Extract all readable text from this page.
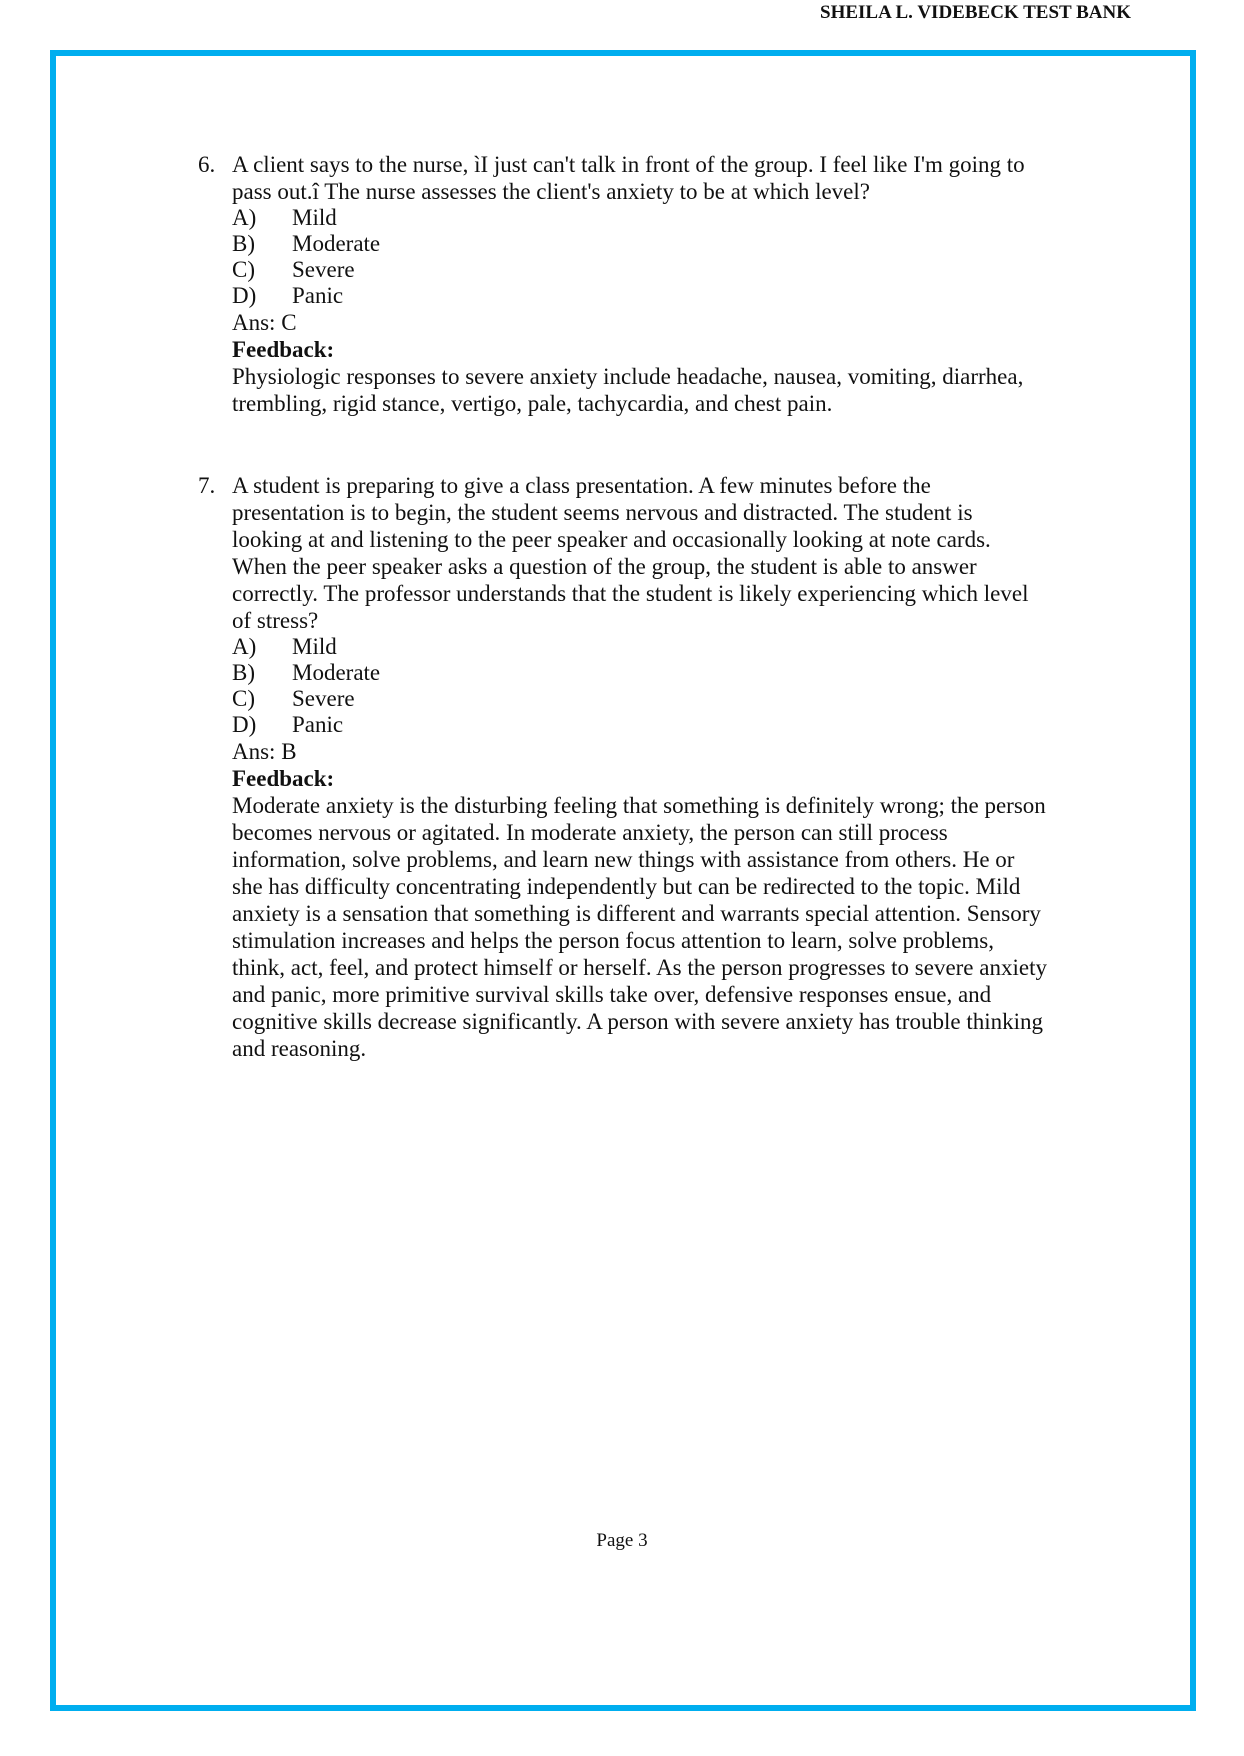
SHEILA L. VIDEBECK TEST BANK
6. A client says to the nurse, ìI just can't talk in front of the group. I feel like I'm going to
pass out.î The nurse assesses the client's anxiety to be at which level?
A) Mild
B) Moderate
C) Severe
D) Panic
Ans: C
Feedback:
Physiologic responses to severe anxiety include headache, nausea, vomiting, diarrhea,
trembling, rigid stance, vertigo, pale, tachycardia, and chest pain.
7. A student is preparing to give a class presentation. A few minutes before the
presentation is to begin, the student seems nervous and distracted. The student is
looking at and listening to the peer speaker and occasionally looking at note cards.
When the peer speaker asks a question of the group, the student is able to answer
correctly. The professor understands that the student is likely experiencing which level
of stress?
A) Mild
B) Moderate
C) Severe
D) Panic
Ans: B
Feedback:
Moderate anxiety is the disturbing feeling that something is definitely wrong; the person
becomes nervous or agitated. In moderate anxiety, the person can still process
information, solve problems, and learn new things with assistance from others. He or
she has difficulty concentrating independently but can be redirected to the topic. Mild
anxiety is a sensation that something is different and warrants special attention. Sensory
stimulation increases and helps the person focus attention to learn, solve problems,
think, act, feel, and protect himself or herself. As the person progresses to severe anxiety
and panic, more primitive survival skills take over, defensive responses ensue, and
cognitive skills decrease significantly. A person with severe anxiety has trouble thinking
and reasoning.
Page 3
